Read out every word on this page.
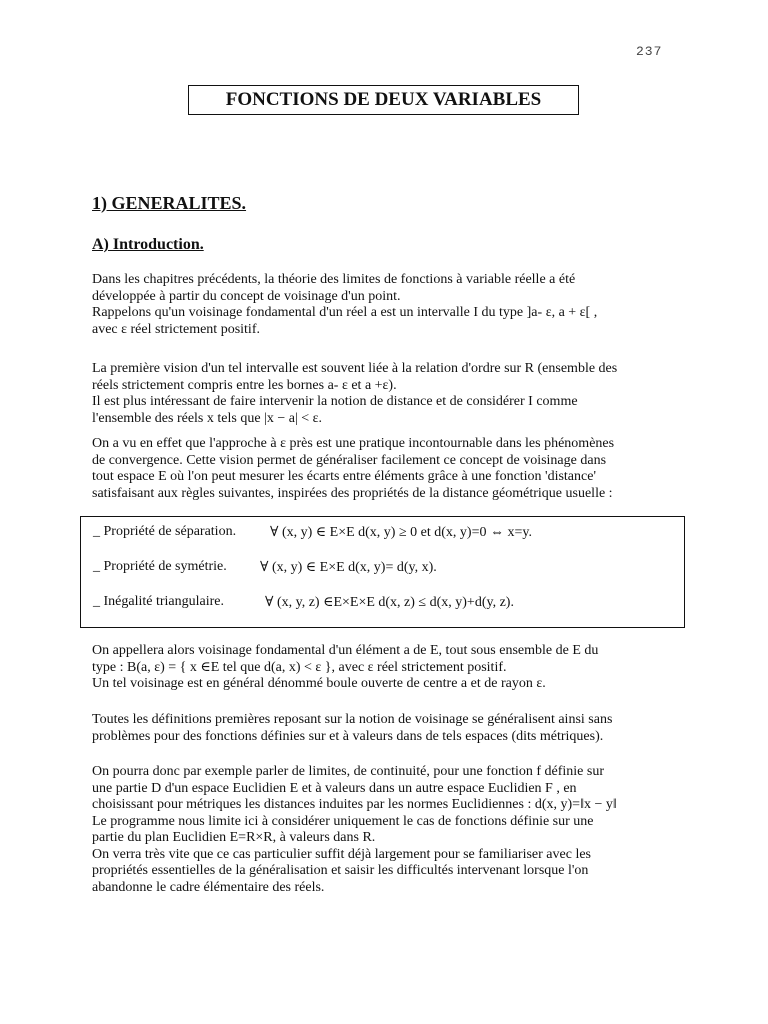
237
FONCTIONS DE DEUX VARIABLES
1) GENERALITES.
A) Introduction.
Dans les chapitres précédents, la théorie des limites de fonctions à variable réelle a été
développée à partir du concept de voisinage d'un point.
Rappelons qu'un voisinage fondamental d'un réel a est un intervalle I du type ]a- ε, a + ε[ ,
avec ε réel strictement positif.
La première vision d'un tel intervalle est souvent liée à la relation d'ordre sur R (ensemble des
réels strictement compris entre les bornes a- ε et a +ε).
Il est plus intéressant de faire intervenir la notion de distance et de considérer I comme
l'ensemble des réels x tels que |x − a| < ε.
On a vu en effet que l'approche à ε près est une pratique incontournable dans les phénomènes
de convergence. Cette vision permet de généraliser facilement ce concept de voisinage dans
tout espace E où l'on peut mesurer les écarts entre éléments grâce à une fonction 'distance'
satisfaisant aux règles suivantes, inspirées des propriétés de la distance géométrique usuelle :
_ Propriété de séparation. ∀ (x, y) ∈ E×E d(x, y) ≥ 0 et d(x, y)=0 ⇔ x=y.
_ Propriété de symétrie. ∀ (x, y) ∈ E×E d(x, y)= d(y, x).
_ Inégalité triangulaire.	∀ (x, y, z) ∈E×E×E d(x, z) ≤ d(x, y)+d(y, z).
On appellera alors voisinage fondamental d'un élément a de E, tout sous ensemble de E du
type : B(a, ε) = { x ∈E tel que d(a, x) < ε }, avec ε réel strictement positif.
Un tel voisinage est en général dénommé boule ouverte de centre a et de rayon ε.
Toutes les définitions premières reposant sur la notion de voisinage se généralisent ainsi sans
problèmes pour des fonctions définies sur et à valeurs dans de tels espaces (dits métriques).
On pourra donc par exemple parler de limites, de continuité, pour une fonction f définie sur
une partie D d'un espace Euclidien E et à valeurs dans un autre espace Euclidien F , en
choisissant pour métriques les distances induites par les normes Euclidiennes : d(x, y)=‖x − y‖
Le programme nous limite ici à considérer uniquement le cas de fonctions définie sur une
partie du plan Euclidien E=R×R, à valeurs dans R.
On verra très vite que ce cas particulier suffit déjà largement pour se familiariser avec les
propriétés essentielles de la généralisation et saisir les difficultés intervenant lorsque l'on
abandonne le cadre élémentaire des réels.
